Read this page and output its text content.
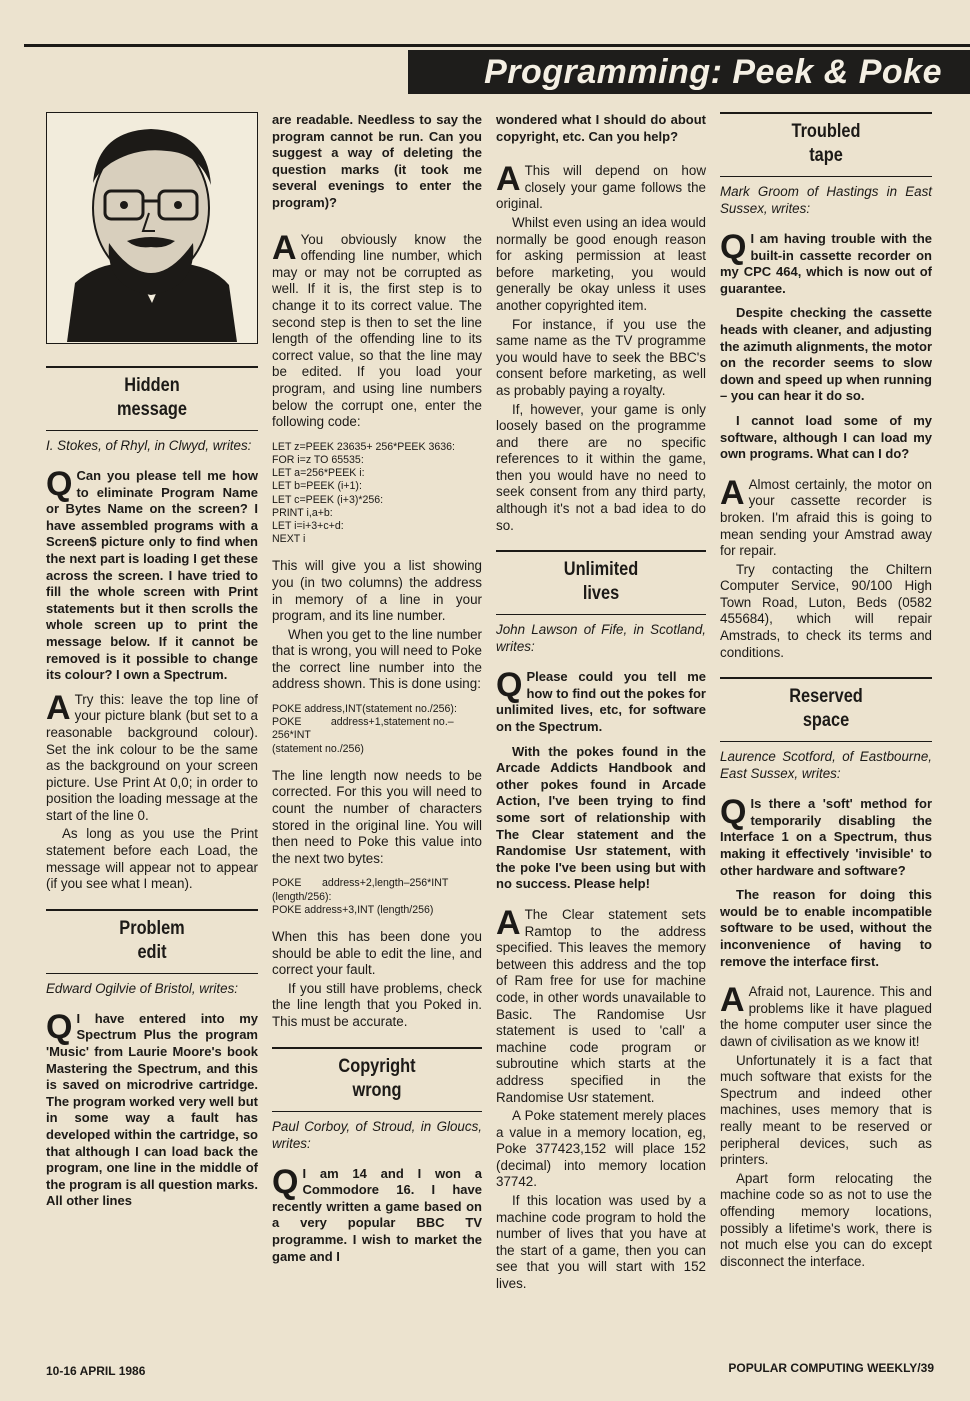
Programming: Peek & Poke
Hidden
message

I. Stokes, of Rhyl, in Clwyd, writes:

Q Can you please tell me how to eliminate Program Name or Bytes Name on the screen? I have assembled programs with a Screen$ picture only to find when the next part is loading I get these across the screen. I have tried to fill the whole screen with Print statements but it then scrolls the whole screen up to print the message below. If it cannot be removed is it possible to change its colour? I own a Spectrum.

A Try this: leave the top line of your picture blank (but set to a reasonable background colour). Set the ink colour to be the same as the background on your screen picture. Use Print At 0,0; in order to position the loading message at the start of the line 0.

As long as you use the Print statement before each Load, the message will appear not to appear (if you see what I mean).

Problem
edit

Edward Ogilvie of Bristol, writes:

Q I have entered into my Spectrum Plus the program 'Music' from Laurie Moore's book Mastering the Spectrum, and this is saved on microdrive cartridge. The program worked very well but in some way a fault has developed within the cartridge, so that although I can load back the program, one line in the middle of the program is all question marks. All other lines

are readable. Needless to say the program cannot be run. Can you suggest a way of deleting the question marks (it took me several evenings to enter the program)?

A You obviously know the offending line number, which may or may not be corrupted as well. If it is, the first step is to change it to its correct value. The second step is then to set the line length of the offending line to its correct value, so that the line may be edited. If you load your program, and using line numbers below the corrupt one, enter the following code:

LET z=PEEK 23635+ 256*PEEK 3636:
FOR i=z TO 65535:
LET a=256*PEEK i:
LET b=PEEK (i+1):
LET c=PEEK (i+3)*256:
PRINT i,a+b:
LET i=i+3+c+d:
NEXT i

This will give you a list showing you (in two columns) the address in memory of a line in your program, and its line number.

When you get to the line number that is wrong, you will need to Poke the correct line number into the address shown. This is done using:

POKE address,INT(statement no./256):
POKE          address+1,statement no.–256*INT
(statement no./256)

The line length now needs to be corrected. For this you will need to count the number of characters stored in the original line. You will then need to Poke this value into the next two bytes:

POKE       address+2,length–256*INT
(length/256):
POKE address+3,INT (length/256)

When this has been done you should be able to edit the line, and correct your fault.

If you still have problems, check the line length that you Poked in. This must be accurate.

Copyright
wrong

Paul Corboy, of Stroud, in Gloucs, writes:

Q I am 14 and I won a Commodore 16. I have recently written a game based on a very popular BBC TV programme. I wish to market the game and I

wondered what I should do about copyright, etc. Can you help?

A This will depend on how closely your game follows the original.

Whilst even using an idea would normally be good enough reason for asking permission at least before marketing, you would generally be okay unless it uses another copyrighted item.

For instance, if you use the same name as the TV programme you would have to seek the BBC's consent before marketing, as well as probably paying a royalty.

If, however, your game is only loosely based on the programme and there are no specific references to it within the game, then you would have no need to seek consent from any third party, although it's not a bad idea to do so.

Unlimited
lives

John Lawson of Fife, in Scotland, writes:

Q Please could you tell me how to find out the pokes for unlimited lives, etc, for software on the Spectrum.

With the pokes found in the Arcade Addicts Handbook and other pokes found in Arcade Action, I've been trying to find some sort of relationship with The Clear statement and the Randomise Usr statement, with the poke I've been using but with no success. Please help!

A The Clear statement sets Ramtop to the address specified. This leaves the memory between this address and the top of Ram free for use for machine code, in other words unavailable to Basic. The Randomise Usr statement is used to 'call' a machine code program or subroutine which starts at the address specified in the Randomise Usr statement.

A Poke statement merely places a value in a memory location, eg, Poke 377423,152 will place 152 (decimal) into memory location 37742.

If this location was used by a machine code program to hold the number of lives that you have at the start of a game, then you can see that you will start with 152 lives.

Troubled
tape

Mark Groom of Hastings in East Sussex, writes:

Q I am having trouble with the built-in cassette recorder on my CPC 464, which is now out of guarantee.

Despite checking the cassette heads with cleaner, and adjusting the azimuth alignments, the motor on the recorder seems to slow down and speed up when running – you can hear it do so.

I cannot load some of my software, although I can load my own programs. What can I do?

A Almost certainly, the motor on your cassette recorder is broken. I'm afraid this is going to mean sending your Amstrad away for repair.

Try contacting the Chiltern Computer Service, 90/100 High Town Road, Luton, Beds (0582 455684), which will repair Amstrads, to check its terms and conditions.

Reserved
space

Laurence Scotford, of Eastbourne, East Sussex, writes:

Q Is there a 'soft' method for temporarily disabling the Interface 1 on a Spectrum, thus making it effectively 'invisible' to other hardware and software?

The reason for doing this would be to enable incompatible software to be used, without the inconvenience of having to remove the interface first.

A Afraid not, Laurence. This and problems like it have plagued the home computer user since the dawn of civilisation as we know it!

Unfortunately it is a fact that much software that exists for the Spectrum and indeed other machines, uses memory that is really meant to be reserved or peripheral devices, such as printers.

Apart form relocating the machine code so as not to use the offending memory locations, possibly a lifetime's work, there is not much else you can do except disconnect the interface.

10-16 APRIL 1986	POPULAR COMPUTING WEEKLY/39
